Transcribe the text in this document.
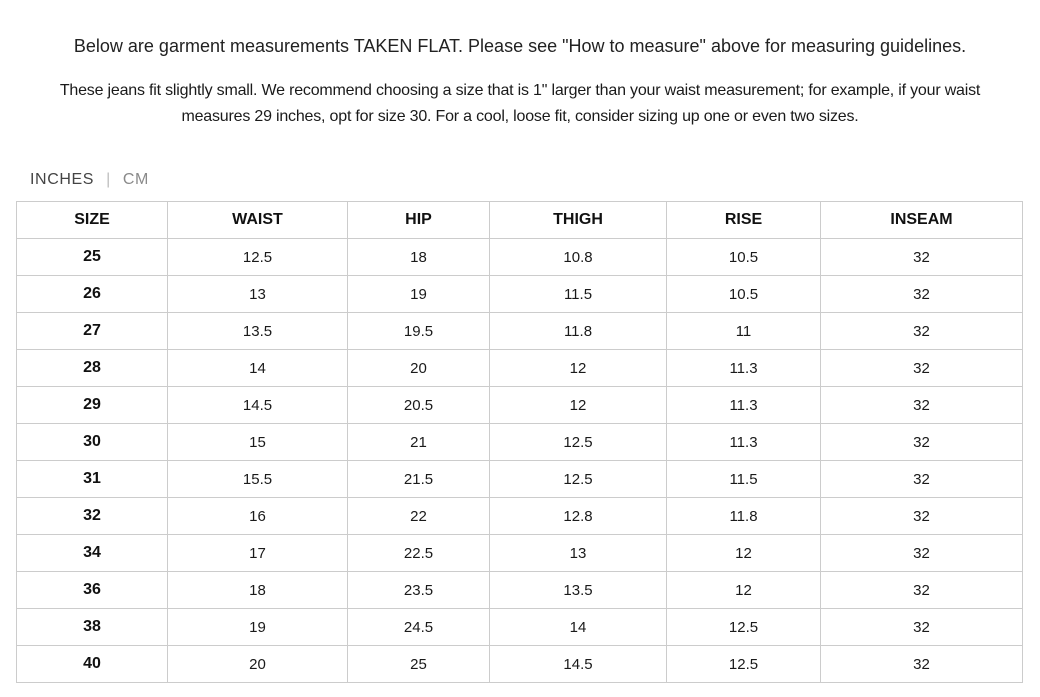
Below are garment measurements TAKEN FLAT. Please see "How to measure" above for measuring guidelines.
These jeans fit slightly small. We recommend choosing a size that is 1" larger than your waist measurement; for example, if your waist measures 29 inches, opt for size 30. For a cool, loose fit, consider sizing up one or even two sizes.
INCHES | CM
SIZE	WAIST	HIP	THIGH	RISE	INSEAM
25	12.5	18	10.8	10.5	32
26	13	19	11.5	10.5	32
27	13.5	19.5	11.8	11	32
28	14	20	12	11.3	32
29	14.5	20.5	12	11.3	32
30	15	21	12.5	11.3	32
31	15.5	21.5	12.5	11.5	32
32	16	22	12.8	11.8	32
34	17	22.5	13	12	32
36	18	23.5	13.5	12	32
38	19	24.5	14	12.5	32
40	20	25	14.5	12.5	32
